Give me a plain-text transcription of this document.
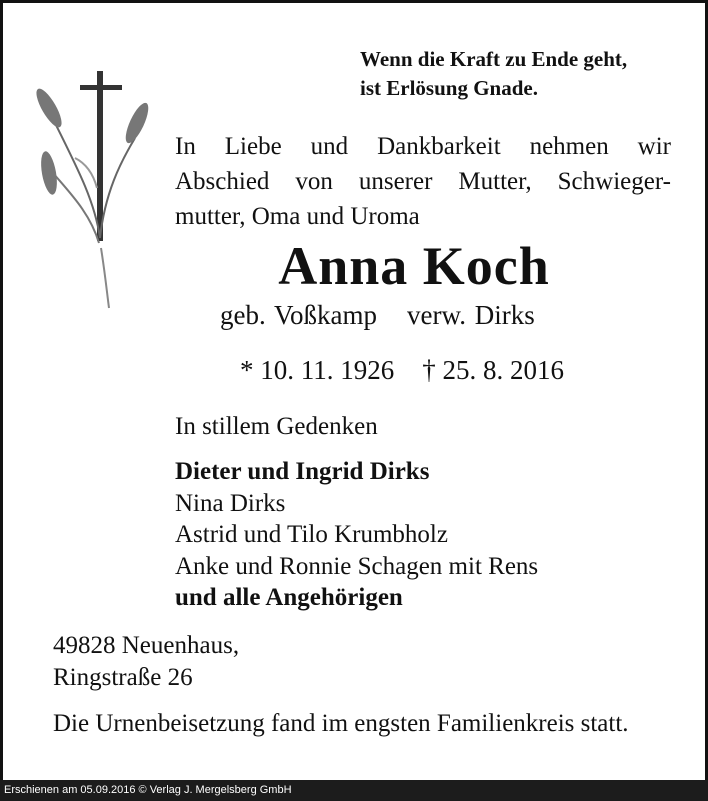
Wenn die Kraft zu Ende geht,
ist Erlösung Gnade.
In Liebe und Dankbarkeit nehmen wir
Abschied von unserer Mutter, Schwieger-
mutter, Oma und Uroma
Anna Koch
geb. Voßkamp verw. Dirks
* 10. 11. 1926 † 25. 8. 2016
In stillem Gedenken
Dieter und Ingrid Dirks
Nina Dirks
Astrid und Tilo Krumbholz
Anke und Ronnie Schagen mit Rens
und alle Angehörigen
49828 Neuenhaus,
Ringstraße 26
Die Urnenbeisetzung fand im engsten Familienkreis statt.
Erschienen am 05.09.2016 © Verlag J. Mergelsberg GmbH
